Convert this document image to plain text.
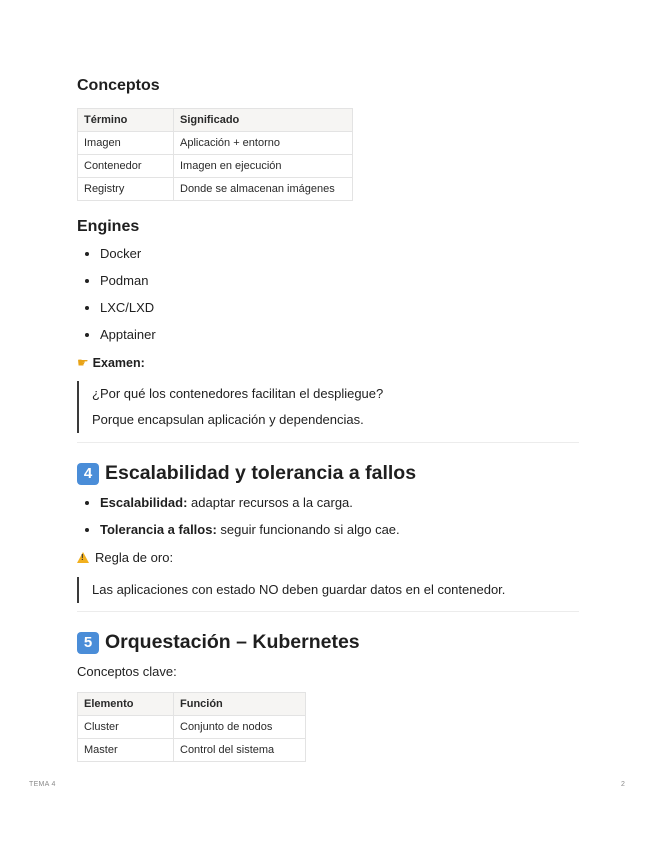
Conceptos
Término	Significado
Imagen	Aplicación + entorno
Contenedor	Imagen en ejecución
Registry	Donde se almacenan imágenes
Engines
Docker
Podman
LXC/LXD
Apptainer
☛ Examen:
¿Por qué los contenedores facilitan el despliegue?
Porque encapsulan aplicación y dependencias.
4 Escalabilidad y tolerancia a fallos
Escalabilidad: adaptar recursos a la carga.
Tolerancia a fallos: seguir funcionando si algo cae.
!Regla de oro:
Las aplicaciones con estado NO deben guardar datos en el contenedor.
5 Orquestación – Kubernetes
Conceptos clave:
Elemento	Función
Cluster	Conjunto de nodos
Master	Control del sistema
TEMA 4	2
